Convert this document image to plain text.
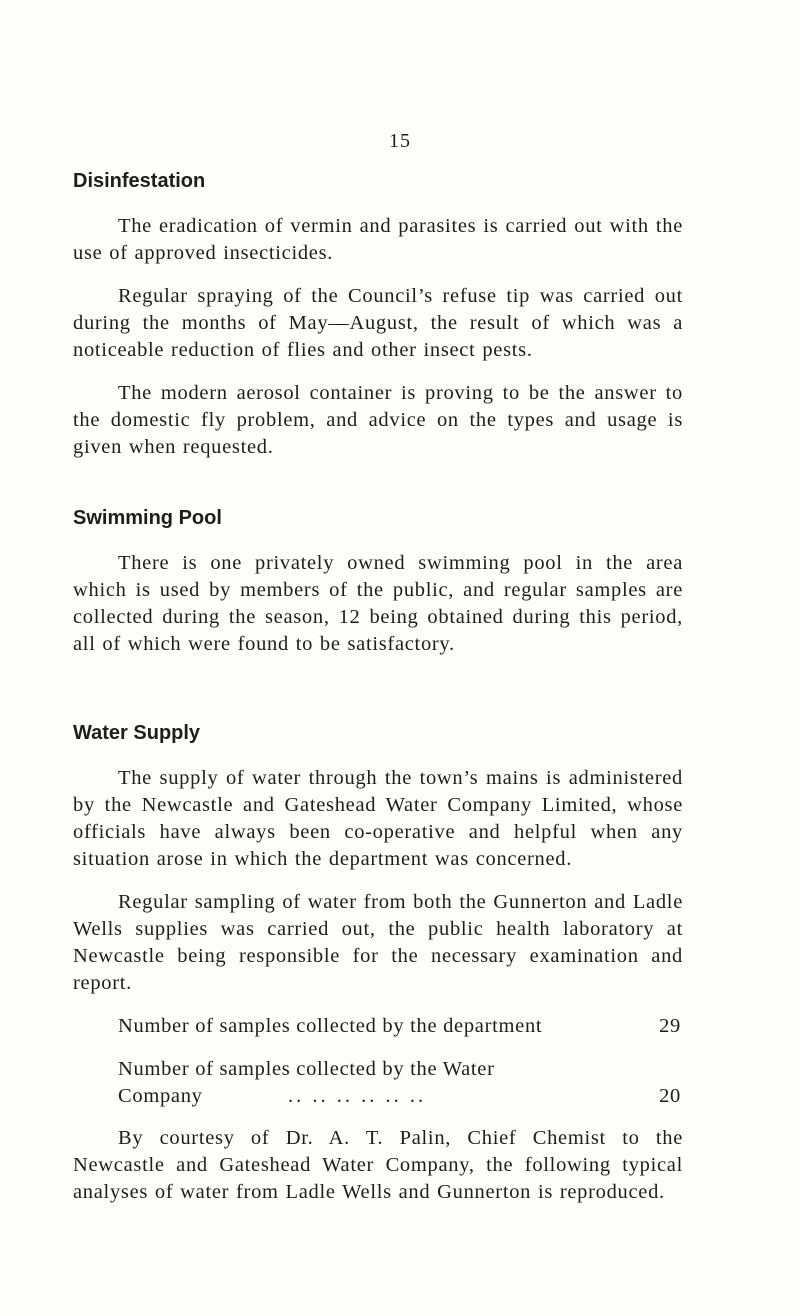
15
Disinfestation

The eradication of vermin and parasites is carried out with the use of approved insecticides.

Regular spraying of the Council’s refuse tip was carried out during the months of May—August, the result of which was a noticeable reduction of flies and other insect pests.

The modern aerosol container is proving to be the answer to the domestic fly problem, and advice on the types and usage is given when requested.

Swimming Pool

There is one privately owned swimming pool in the area which is used by members of the public, and regular samples are collected during the season, 12 being obtained during this period, all of which were found to be satisfactory.

Water Supply

The supply of water through the town’s mains is administered by the Newcastle and Gateshead Water Company Limited, whose officials have always been co-operative and helpful when any situation arose in which the department was concerned.

Regular sampling of water from both the Gunnerton and Ladle Wells supplies was carried out, the public health laboratory at Newcastle being responsible for the necessary examination and report.

Number of samples collected by the department	29
Number of samples collected by the Water
Company	.. .. .. .. .. ..	20

By courtesy of Dr. A. T. Palin, Chief Chemist to the Newcastle and Gateshead Water Company, the following typical analyses of water from Ladle Wells and Gunnerton is reproduced.
